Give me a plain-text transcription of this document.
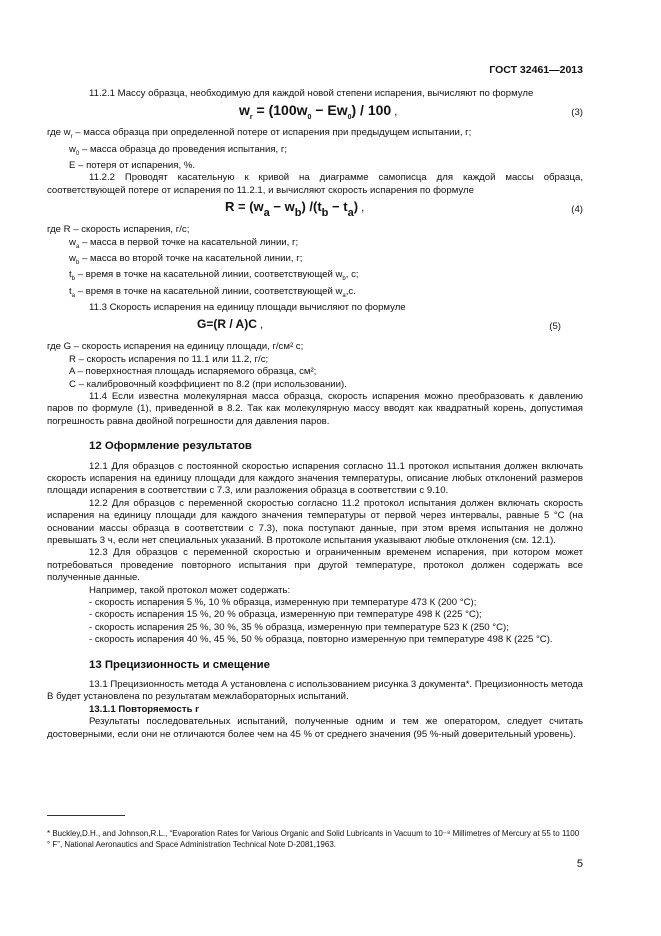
ГОСТ 32461—2013

11.2.1 Массу образца, необходимую для каждой новой степени испарения, вычисляют по формуле

$w_r = (100w_0 - Ew_0) / 100$ ,	(3)

где $w_r$ – масса образца при определенной потере от испарения при предыдущем испытании, г;

$w_0$ – масса образца до проведения испытания, г;

E – потеря от испарения, %.

11.2.2 Проводят касательную к кривой на диаграмме самописца для каждой массы образца, соответствующей потере от испарения по 11.2.1, и вычисляют скорость испарения по формуле

$R = (w_a - w_b) /(t_b - t_a)$ ,	(4)

где R – скорость испарения, г/с;

$w_a$ – масса в первой точке на касательной линии, г;

$w_b$ – масса во второй точке на касательной линии, г;

$t_b$ – время в точке на касательной линии, соответствующей $w_b$, с;

$t_a$ – время в точке на касательной линии, соответствующей $w_a,с$.

11.3 Скорость испарения на единицу площади вычисляют по формуле

G=(R / A)C ,	(5)

где G – скорость испарения на единицу площади, г/см² с;

R – скорость испарения по 11.1 или 11.2, г/с;

A – поверхностная площадь испаряемого образца, см²;

C – калибровочный коэффициент по 8.2 (при использовании).

11.4 Если известна молекулярная масса образца, скорость испарения можно преобразовать к давлению паров по формуле (1), приведенной в 8.2. Так как молекулярную массу вводят как квадратный корень, допустимая погрешность равна двойной погрешности для давления паров.

12 Оформление результатов

12.1 Для образцов с постоянной скоростью испарения согласно 11.1 протокол испытания должен включать скорость испарения на единицу площади для каждого значения температуры, описание любых отклонений размеров площади испарения в соответствии с 7.3, или разложения образца в соответствии с 9.10.

12.2 Для образцов с переменной скоростью согласно 11.2 протокол испытания должен включать скорость испарения на единицу площади для каждого значения температуры от первой через интервалы, равные 5 °С (на основании массы образца в соответствии с 7.3), пока поступают данные, при этом время испытания не должно превышать 3 ч, если нет специальных указаний. В протоколе испытания указывают любые отклонения (см. 12.1).

12.3 Для образцов с переменной скоростью и ограниченным временем испарения, при котором может потребоваться проведение повторного испытания при другой температуре, протокол должен содержать все полученные данные.

Например, такой протокол может содержать:

- скорость испарения 5 %, 10 % образца, измеренную при температуре 473 К (200 °С);

- скорость испарения 15 %, 20 % образца, измеренную при температуре 498 К (225 °С);

- скорость испарения 25 %, 30 %, 35 % образца, измеренную при температуре 523 К (250 °С);

- скорость испарения 40 %, 45 %, 50 % образца, повторно измеренную при температуре 498 К (225 °С).

13 Прецизионность и смещение

13.1 Прецизионность метода А установлена с использованием рисунка 3 документа*. Прецизионность метода В будет установлена по результатам межлабораторных испытаний.

13.1.1 Повторяемость r

Результаты последовательных испытаний, полученные одним и тем же оператором, следует считать достоверными, если они не отличаются более чем на 45 % от среднего значения (95 %-ный доверительный уровень).

* Buckley,D.H., and Johnson,R.L., “Evaporation Rates for Various Organic and Solid Lubricants in Vacuum to 10⁻⁸ Millimetres of Mercury at 55 to 1100 ° F”, National Aeronautics and Space Administration Technical Note D-2081,1963.

5
